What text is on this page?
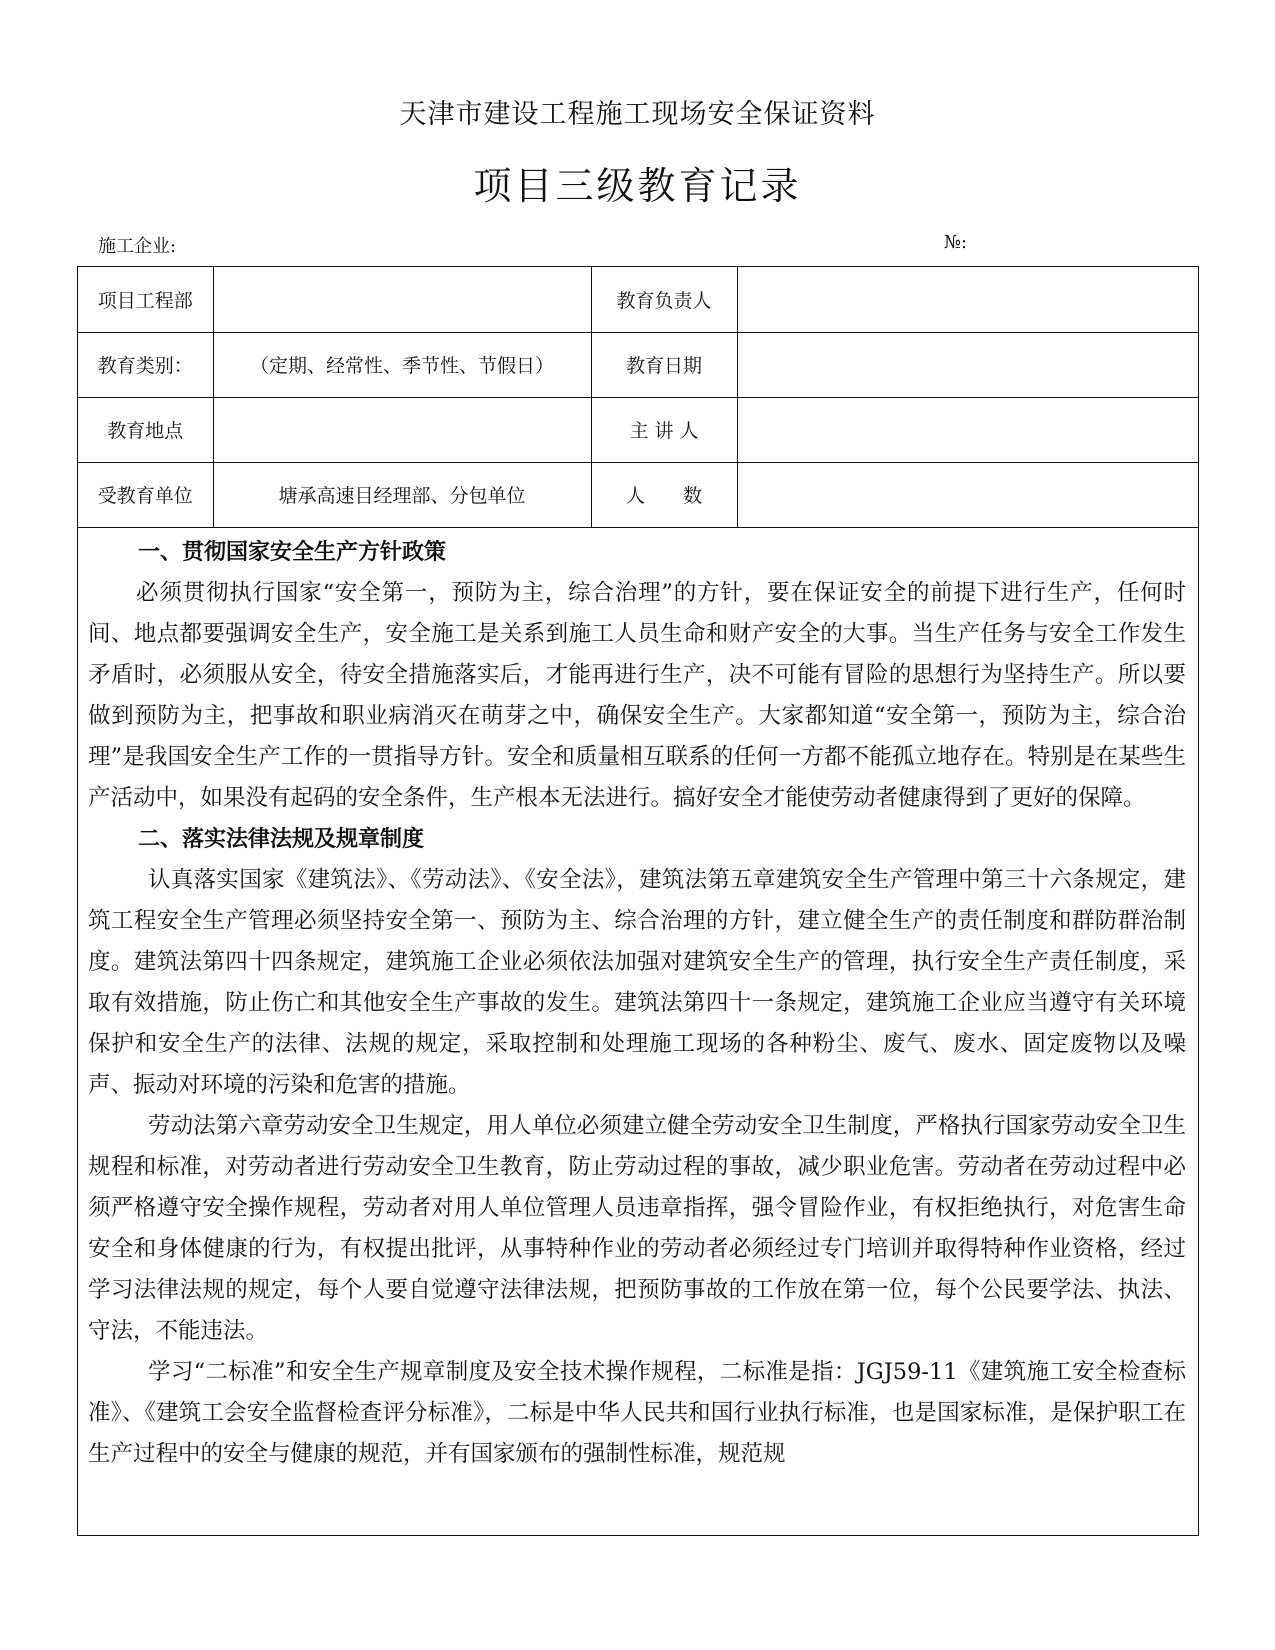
天津市建设工程施工现场安全保证资料
项目三级教育记录
施工企业:	№:
项目工程部		教育负责人	
教育类别：	（定期、经常性、季节性、节假日）	教育日期	
教育地点		主 讲 人	
受教育单位	塘承高速目经理部、分包单位	人　　数	
一、贯彻国家安全生产方针政策
必须贯彻执行国家“安全第一，预防为主，综合治理”的方针，要在保证安全的前提下进行生产，任何时间、地点都要强调安全生产，安全施工是关系到施工人员生命和财产安全的大事。当生产任务与安全工作发生矛盾时，必须服从安全，待安全措施落实后，才能再进行生产，决不可能有冒险的思想行为坚持生产。所以要做到预防为主，把事故和职业病消灭在萌芽之中，确保安全生产。大家都知道“安全第一，预防为主，综合治理”是我国安全生产工作的一贯指导方针。安全和质量相互联系的任何一方都不能孤立地存在。特别是在某些生产活动中，如果没有起码的安全条件，生产根本无法进行。搞好安全才能使劳动者健康得到了更好的保障。
二、落实法律法规及规章制度
认真落实国家《建筑法》、《劳动法》、《安全法》，建筑法第五章建筑安全生产管理中第三十六条规定，建筑工程安全生产管理必须坚持安全第一、预防为主、综合治理的方针，建立健全生产的责任制度和群防群治制度。建筑法第四十四条规定，建筑施工企业必须依法加强对建筑安全生产的管理，执行安全生产责任制度，采取有效措施，防止伤亡和其他安全生产事故的发生。建筑法第四十一条规定，建筑施工企业应当遵守有关环境保护和安全生产的法律、法规的规定，采取控制和处理施工现场的各种粉尘、废气、废水、固定废物以及噪声、振动对环境的污染和危害的措施。
劳动法第六章劳动安全卫生规定，用人单位必须建立健全劳动安全卫生制度，严格执行国家劳动安全卫生规程和标准，对劳动者进行劳动安全卫生教育，防止劳动过程的事故，减少职业危害。劳动者在劳动过程中必须严格遵守安全操作规程，劳动者对用人单位管理人员违章指挥，强令冒险作业，有权拒绝执行，对危害生命安全和身体健康的行为，有权提出批评，从事特种作业的劳动者必须经过专门培训并取得特种作业资格，经过学习法律法规的规定，每个人要自觉遵守法律法规，把预防事故的工作放在第一位，每个公民要学法、执法、守法，不能违法。
学习“二标准”和安全生产规章制度及安全技术操作规程，二标准是指：JGJ59-11《建筑施工安全检查标准》、《建筑工会安全监督检查评分标准》，二标是中华人民共和国行业执行标准，也是国家标准，是保护职工在生产过程中的安全与健康的规范，并有国家颁布的强制性标准，规范规
